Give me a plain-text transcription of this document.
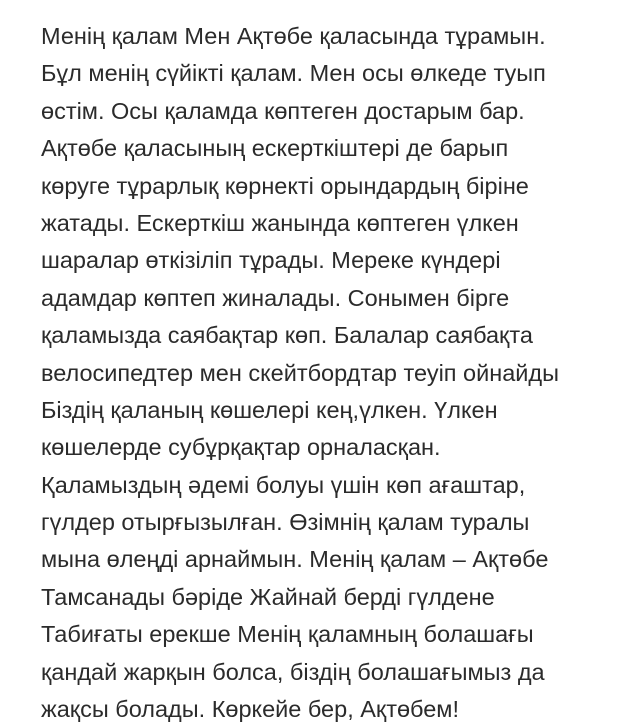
Менің қалам Мен Ақтөбе қаласында тұрамын.
Бұл менің сүйікті қалам. Мен осы өлкеде туып
өстім. Осы қаламда көптеген достарым бар.
Ақтөбе қаласының ескерткіштері де барып
көруге тұрарлық көрнекті орындардың біріне
жатады. Ескерткіш жанында көптеген үлкен
шаралар өткізіліп тұрады. Мереке күндері
адамдар көптеп жиналады. Сонымен бірге
қаламызда саябақтар көп. Балалар саябақта
велосипедтер мен скейтбордтар теуіп ойнайды
Біздің қаланың көшелері кең,үлкен. Үлкен
көшелерде субұрқақтар орналасқан.
Қаламыздың әдемі болуы үшін көп ағаштар,
гүлдер отырғызылған. Өзімнің қалам туралы
мына өлеңді арнаймын. Менің қалам – Ақтөбе
Тамсанады бәріде Жайнай берді гүлдене
Табиғаты ерекше Менің қаламның болашағы
қандай жарқын болса, біздің болашағымыз да
жақсы болады. Көркейе бер, Ақтөбем!
